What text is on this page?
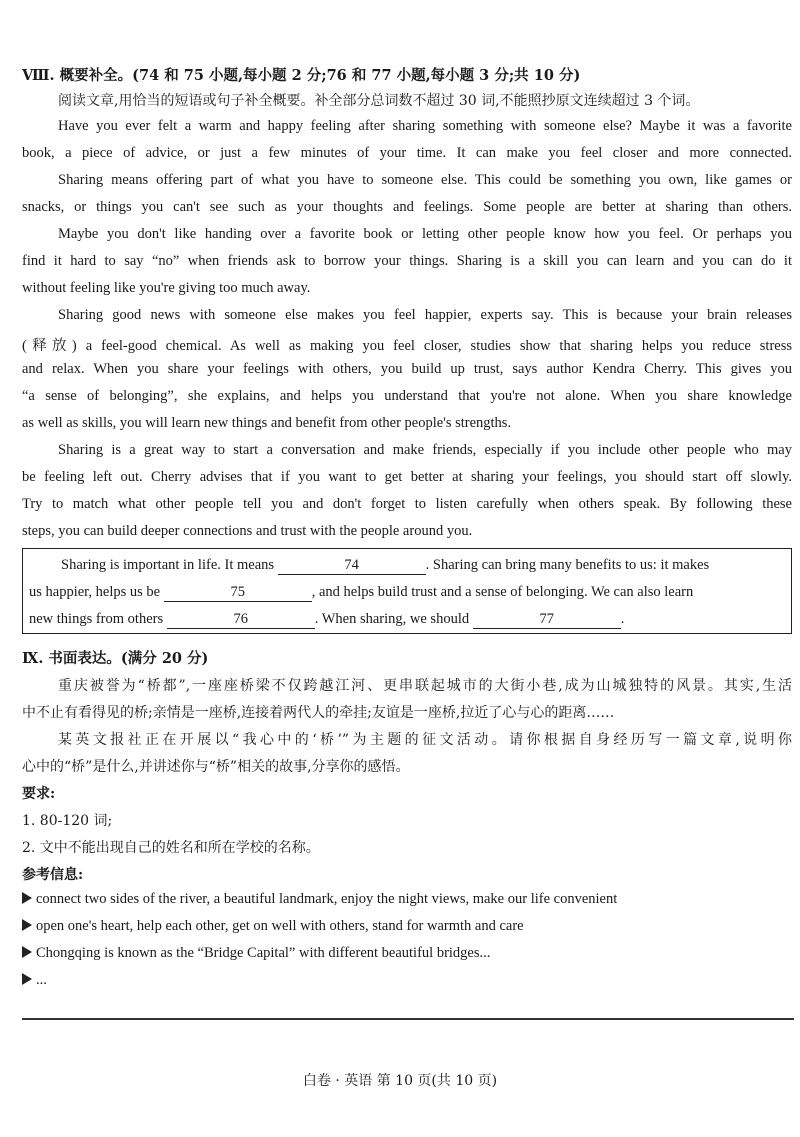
Ⅷ. 概要补全。(74 和 75 小题,每小题 2 分;76 和 77 小题,每小题 3 分;共 10 分)
阅读文章,用恰当的短语或句子补全概要。补全部分总词数不超过 30 词,不能照抄原文连续超过 3 个词。
Have you ever felt a warm and happy feeling after sharing something with someone else? Maybe it was a favorite
book, a piece of advice, or just a few minutes of your time. It can make you feel closer and more connected.
Sharing means offering part of what you have to someone else. This could be something you own, like games or
snacks, or things you can't see such as your thoughts and feelings. Some people are better at sharing than others.
Maybe you don't like handing over a favorite book or letting other people know how you feel. Or perhaps you
find it hard to say “no” when friends ask to borrow your things. Sharing is a skill you can learn and you can do it
without feeling like you're giving too much away.
Sharing good news with someone else makes you feel happier, experts say. This is because your brain releases
(释放) a feel-good chemical. As well as making you feel closer, studies show that sharing helps you reduce stress
and relax. When you share your feelings with others, you build up trust, says author Kendra Cherry. This gives you
“a sense of belonging”, she explains, and helps you understand that you're not alone. When you share knowledge
as well as skills, you will learn new things and benefit from other people's strengths.
Sharing is a great way to start a conversation and make friends, especially if you include other people who may
be feeling left out. Cherry advises that if you want to get better at sharing your feelings, you should start off slowly.
Try to match what other people tell you and don't forget to listen carefully when others speak. By following these
steps, you can build deeper connections and trust with the people around you.
Sharing is important in life. It means	74	. Sharing can bring many benefits to us: it makes
us happier, helps us be	75	, and helps build trust and a sense of belonging. We can also learn
new things from others	76	. When sharing, we should	77	.
Ⅸ. 书面表达。(满分 20 分)
重庆被誉为“桥都”,一座座桥梁不仅跨越江河、更串联起城市的大街小巷,成为山城独特的风景。其实,生活
中不止有看得见的桥;亲情是一座桥,连接着两代人的牵挂;友谊是一座桥,拉近了心与心的距离……
某英文报社正在开展以“我心中的‘桥’”为主题的征文活动。请你根据自身经历写一篇文章,说明你
心中的“桥”是什么,并讲述你与“桥”相关的故事,分享你的感悟。
要求:
1. 80-120 词;
2. 文中不能出现自己的姓名和所在学校的名称。
参考信息:
connect two sides of the river, a beautiful landmark, enjoy the night views, make our life convenient
open one's heart, help each other, get on well with others, stand for warmth and care
Chongqing is known as the “Bridge Capital” with different beautiful bridges...
...
白卷 · 英语 第 10 页(共 10 页)
